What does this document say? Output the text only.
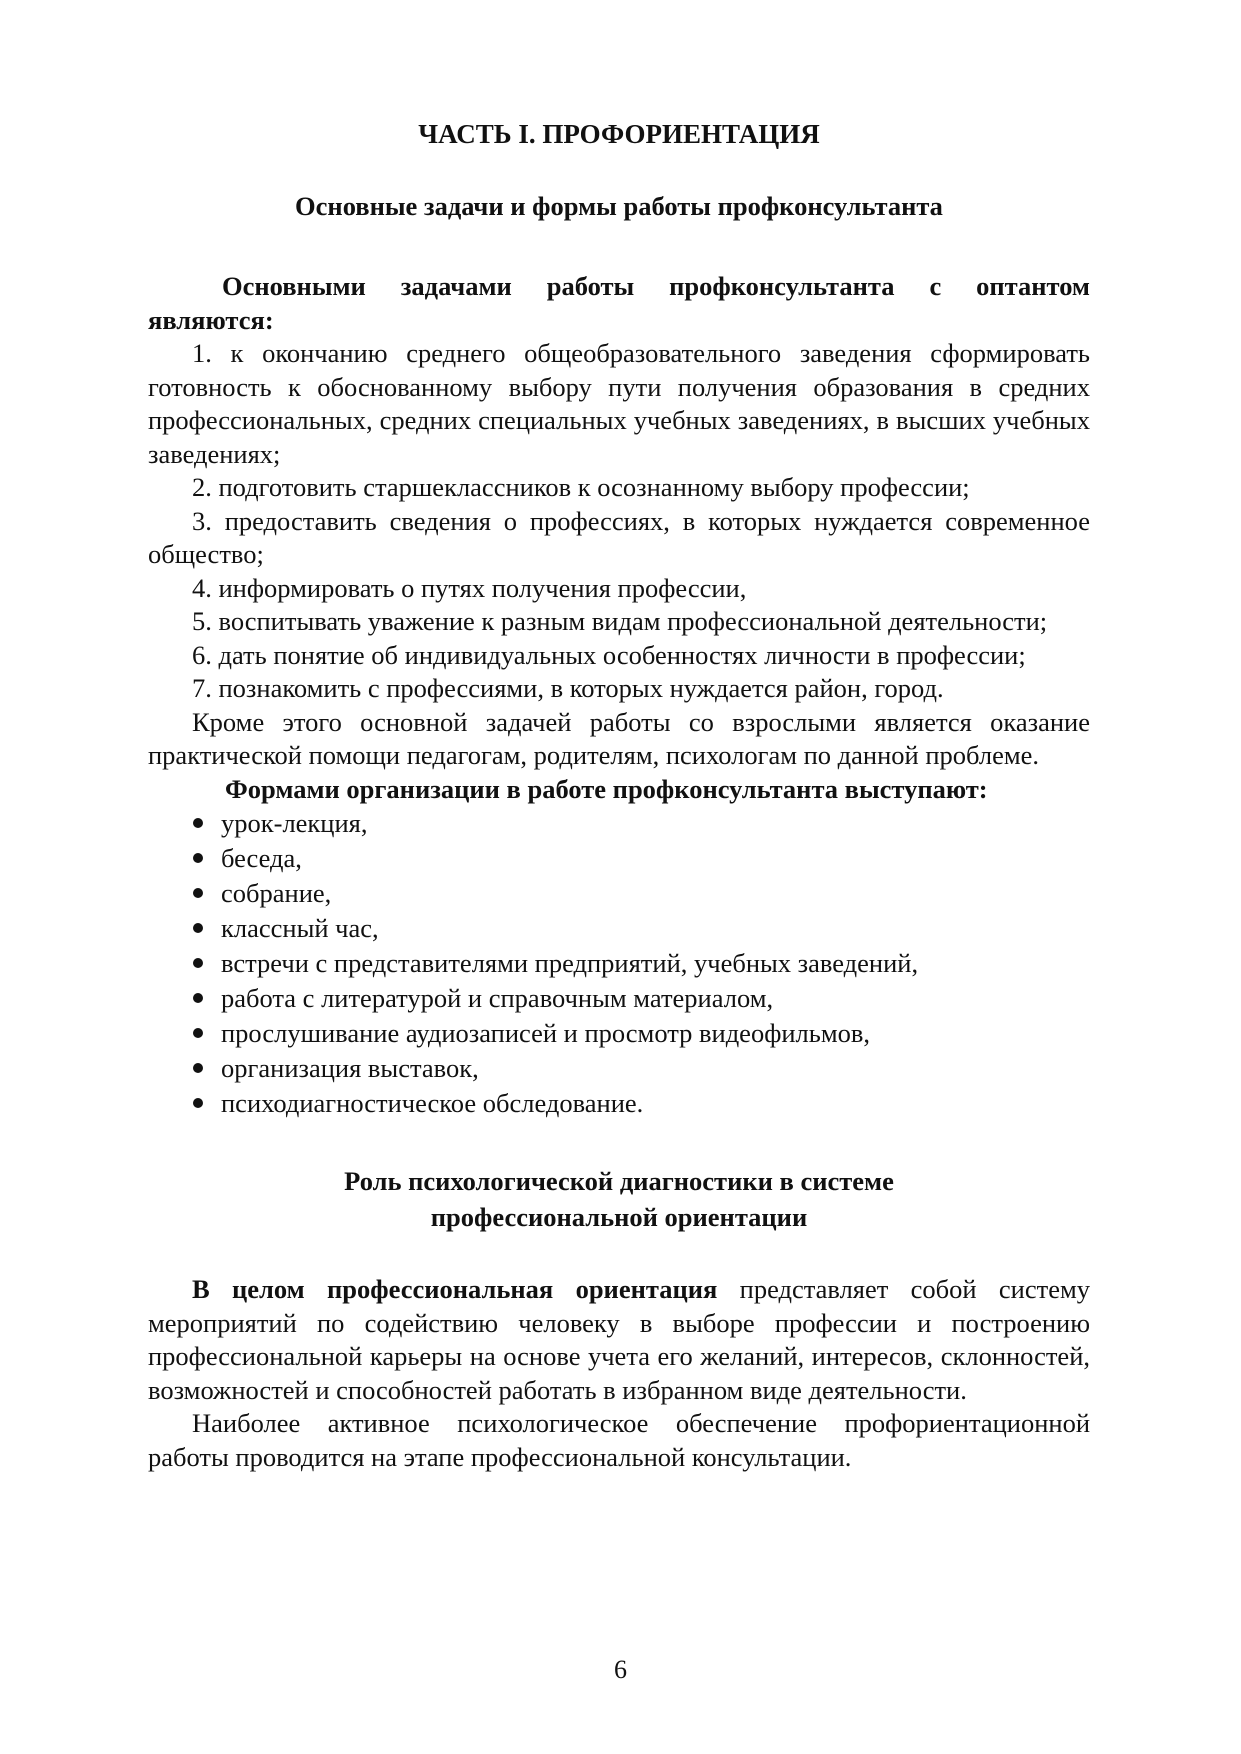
ЧАСТЬ I. ПРОФОРИЕНТАЦИЯ
Основные задачи и формы работы профконсультанта

Основными задачами работы профконсультанта с оптантом

являются:

1. к окончанию среднего общеобразовательного заведения сформировать готовность к обоснованному выбору пути получения образования в средних профессиональных, средних специальных учебных заведениях, в высших учебных заведениях;

2. подготовить старшеклассников к осознанному выбору профессии;

3. предоставить сведения о профессиях, в которых нуждается современное общество;

4. информировать о путях получения профессии,

5. воспитывать уважение к разным видам профессиональной деятельности;

6. дать понятие об индивидуальных особенностях личности в профессии;

7. познакомить с профессиями, в которых нуждается район, город.

Кроме этого основной задачей работы со взрослыми является оказание практической помощи педагогам, родителям, психологам по данной проблеме.

Формами организации в работе профконсультанта выступают:

урок-лекция,
беседа,
собрание,
классный час,
встречи с представителями предприятий, учебных заведений,
работа с литературой и справочным материалом,
прослушивание аудиозаписей и просмотр видеофильмов,
организация выставок,
психодиагностическое обследование.
Роль психологической диагностики в системе
профессиональной ориентации

В целом профессиональная ориентация представляет собой систему мероприятий по содействию человеку в выборе профессии и построению профессиональной карьеры на основе учета его желаний, интересов, склонностей, возможностей и способностей работать в избранном виде деятельности.

Наиболее активное психологическое обеспечение профориентационной работы проводится на этапе профессиональной консультации.

6
